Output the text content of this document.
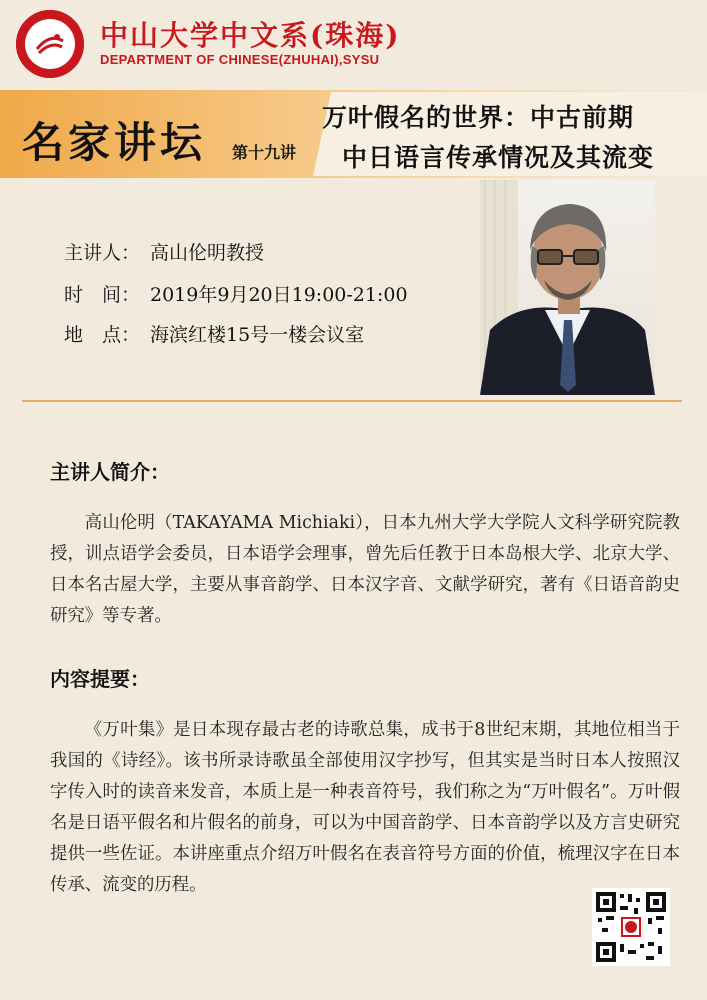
中山大学中文系(珠海)
DEPARTMENT OF CHINESE(ZHUHAI),SYSU
名家讲坛 第十九讲
万叶假名的世界：中古前期
中日语言传承情况及其流变
主讲人： 高山伦明教授
时　间： 2019年9月20日19:00-21:00
地　点： 海滨红楼15号一楼会议室
主讲人简介：
高山伦明（TAKAYAMA Michiaki），日本九州大学大学院人文科学研究院教授，训点语学会委员，日本语学会理事，曾先后任教于日本岛根大学、北京大学、日本名古屋大学，主要从事音韵学、日本汉字音、文献学研究，著有《日语音韵史研究》等专著。
内容提要：
《万叶集》是日本现存最古老的诗歌总集，成书于8世纪末期，其地位相当于我国的《诗经》。该书所录诗歌虽全部使用汉字抄写，但其实是当时日本人按照汉字传入时的读音来发音，本质上是一种表音符号，我们称之为“万叶假名”。万叶假名是日语平假名和片假名的前身，可以为中国音韵学、日本音韵学以及方言史研究提供一些佐证。本讲座重点介绍万叶假名在表音符号方面的价值，梳理汉字在日本传承、流变的历程。
